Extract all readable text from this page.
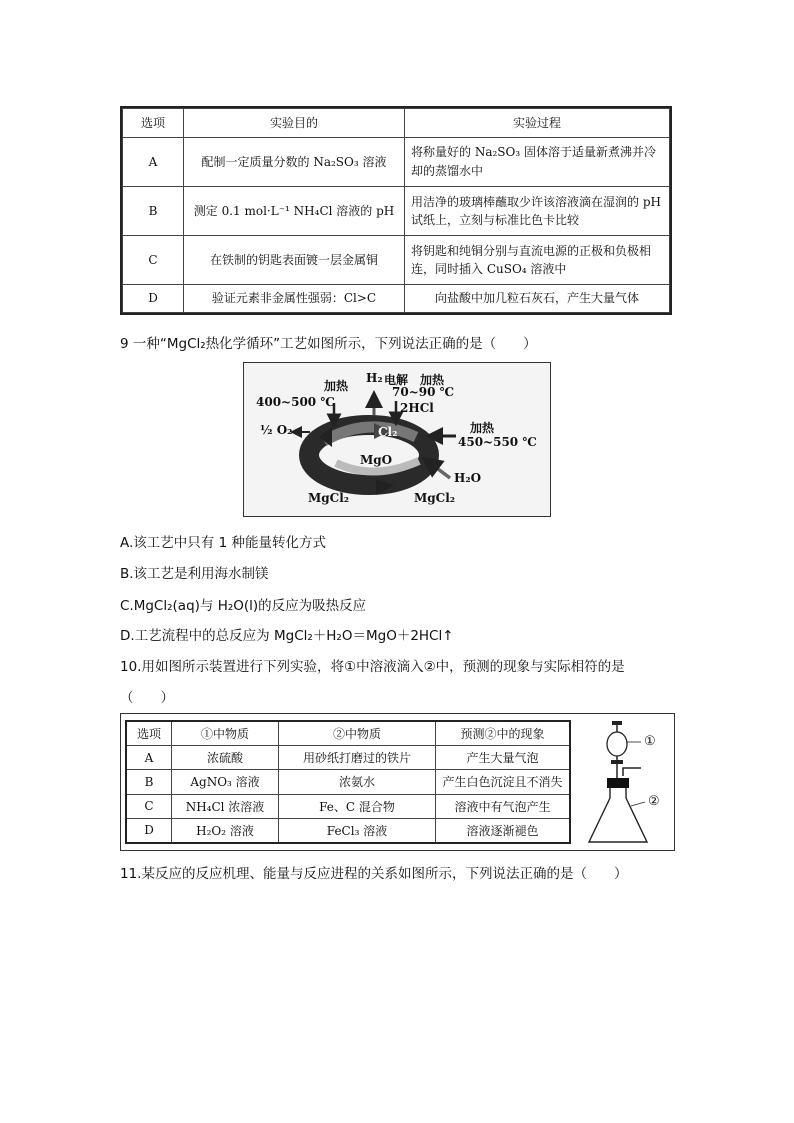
选项	实验目的	实验过程
A	配制一定质量分数的 Na₂SO₃ 溶液	将称量好的 Na₂SO₃ 固体溶于适量新煮沸并冷却的蒸馏水中
B	测定 0.1 mol·L⁻¹ NH₄Cl 溶液的 pH	用洁净的玻璃棒蘸取少许该溶液滴在湿润的 pH 试纸上，立刻与标准比色卡比较
C	在铁制的钥匙表面镀一层金属铜	将钥匙和纯铜分别与直流电源的正极和负极相连，同时插入 CuSO₄ 溶液中
D	验证元素非金属性强弱：Cl>C	向盐酸中加几粒石灰石，产生大量气体
9 一种“MgCl₂热化学循环”工艺如图所示，下列说法正确的是（　　）
加热
400~500 ℃
½ O₂
H₂ 电解 加热
70~90 ℃
2HCl
Cl₂	加热
450~550 ℃
MgO
H₂O
MgCl₂	MgCl₂
A.该工艺中只有 1 种能量转化方式
B.该工艺是利用海水制镁
C.MgCl₂(aq)与 H₂O(l)的反应为吸热反应
D.工艺流程中的总反应为 MgCl₂＋H₂O＝MgO＋2HCl↑
10.用如图所示装置进行下列实验，将①中溶液滴入②中，预测的现象与实际相符的是
（　　）
选项	①中物质	②中物质	预测②中的现象
A	浓硫酸	用砂纸打磨过的铁片	产生大量气泡
B	AgNO₃ 溶液	浓氨水	产生白色沉淀且不消失
C	NH₄Cl 浓溶液	Fe、C 混合物	溶液中有气泡产生
D	H₂O₂ 溶液	FeCl₃ 溶液	溶液逐渐褪色
①
②
11.某反应的反应机理、能量与反应进程的关系如图所示，下列说法正确的是（　　）
